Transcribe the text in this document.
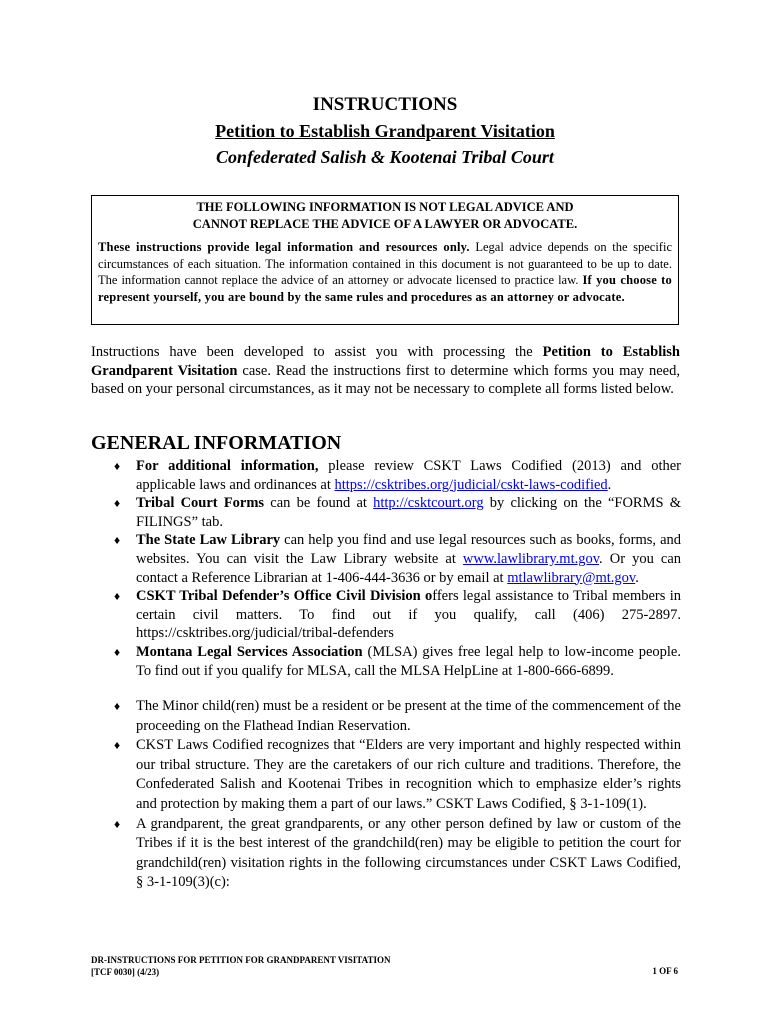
INSTRUCTIONS
Petition to Establish Grandparent Visitation
Confederated Salish & Kootenai Tribal Court
THE FOLLOWING INFORMATION IS NOT LEGAL ADVICE AND
CANNOT REPLACE THE ADVICE OF A LAWYER OR ADVOCATE.
These instructions provide legal information and resources only. Legal advice depends on the specific circumstances of each situation. The information contained in this document is not guaranteed to be up to date. The information cannot replace the advice of an attorney or advocate licensed to practice law. If you choose to represent yourself, you are bound by the same rules and procedures as an attorney or advocate.
Instructions have been developed to assist you with processing the Petition to Establish Grandparent Visitation case. Read the instructions first to determine which forms you may need, based on your personal circumstances, as it may not be necessary to complete all forms listed below.
GENERAL INFORMATION
♦ For additional information, please review CSKT Laws Codified (2013) and other applicable laws and ordinances at https://csktribes.org/judicial/cskt-laws-codified.
♦ Tribal Court Forms can be found at http://csktcourt.org by clicking on the “FORMS & FILINGS” tab.
♦ The State Law Library can help you find and use legal resources such as books, forms, and websites. You can visit the Law Library website at www.lawlibrary.mt.gov. Or you can contact a Reference Librarian at 1-406-444-3636 or by email at mtlawlibrary@mt.gov.
♦ CSKT Tribal Defender’s Office Civil Division offers legal assistance to Tribal members in certain civil matters. To find out if you qualify, call (406) 275-2897. https://csktribes.org/judicial/tribal-defenders
♦ Montana Legal Services Association (MLSA) gives free legal help to low-income people. To find out if you qualify for MLSA, call the MLSA HelpLine at 1-800-666-6899.
♦ The Minor child(ren) must be a resident or be present at the time of the commencement of the proceeding on the Flathead Indian Reservation.
♦ CKST Laws Codified recognizes that “Elders are very important and highly respected within our tribal structure. They are the caretakers of our rich culture and traditions. Therefore, the Confederated Salish and Kootenai Tribes in recognition which to emphasize elder’s rights and protection by making them a part of our laws.” CSKT Laws Codified, § 3-1-109(1).
♦ A grandparent, the great grandparents, or any other person defined by law or custom of the Tribes if it is the best interest of the grandchild(ren) may be eligible to petition the court for grandchild(ren) visitation rights in the following circumstances under CSKT Laws Codified, § 3-1-109(3)(c):
DR-INSTRUCTIONS FOR PETITION FOR GRANDPARENT VISITATION
[TCF 0030] (4/23)	1 OF 6
